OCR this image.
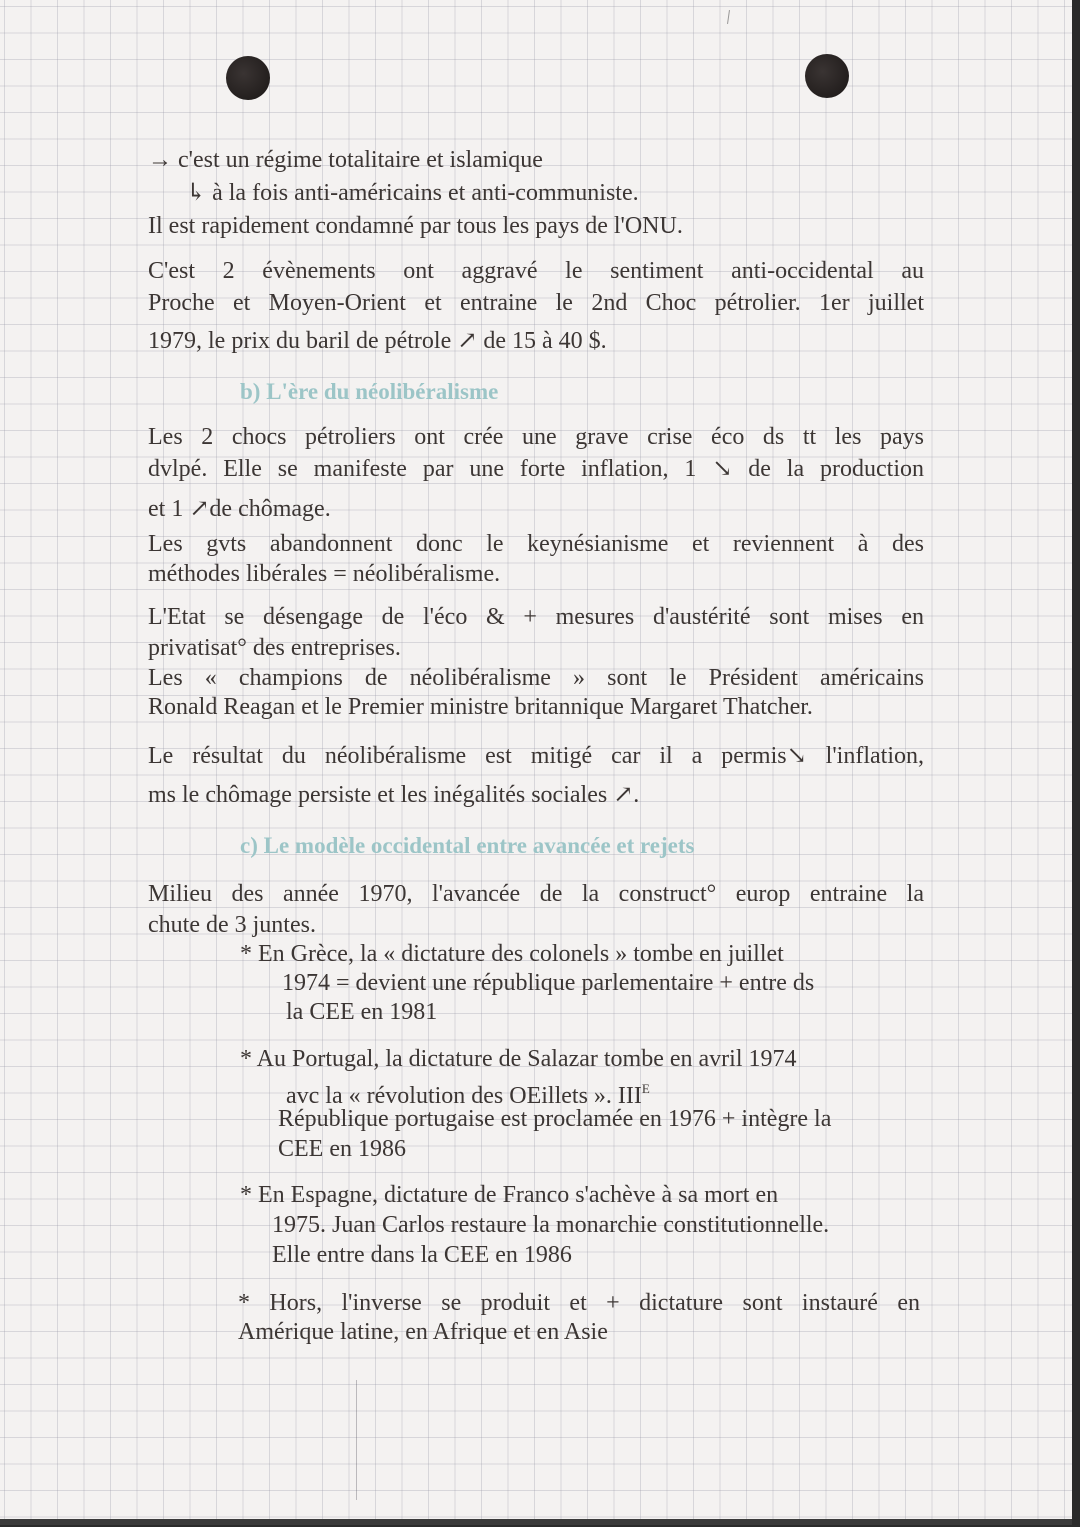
→ c'est un régime totalitaire et islamique
↳ à la fois anti-américains et anti-communiste.
Il est rapidement condamné par tous les pays de l'ONU.
C'est 2 évènements ont aggravé le sentiment anti-occidental au
Proche et Moyen-Orient et entraine le 2nd Choc pétrolier. 1er juillet
1979, le prix du baril de pétrole ↗ de 15 à 40 $.
b) L'ère du néolibéralisme
Les 2 chocs pétroliers ont crée une grave crise éco ds tt les pays
dvlpé. Elle se manifeste par une forte inflation, 1 ↘ de la production
et 1 ↗de chômage.
Les gvts abandonnent donc le keynésianisme et reviennent à des
méthodes libérales = néolibéralisme.
L'Etat se désengage de l'éco & + mesures d'austérité sont mises en
privatisat° des entreprises.
Les « champions de néolibéralisme » sont le Président américains
Ronald Reagan et le Premier ministre britannique Margaret Thatcher.
Le résultat du néolibéralisme est mitigé car il a permis↘ l'inflation,
ms le chômage persiste et les inégalités sociales ↗.
c) Le modèle occidental entre avancée et rejets
Milieu des année 1970, l'avancée de la construct° europ entraine la
chute de 3 juntes.
* En Grèce, la « dictature des colonels » tombe en juillet
1974 = devient une république parlementaire + entre ds
la CEE en 1981
* Au Portugal, la dictature de Salazar tombe en avril 1974
avc la « révolution des OEillets ». $III^E$
République portugaise est proclamée en 1976 + intègre la
CEE en 1986
* En Espagne, dictature de Franco s'achève à sa mort en
1975. Juan Carlos restaure la monarchie constitutionnelle.
Elle entre dans la CEE en 1986
* Hors, l'inverse se produit et + dictature sont instauré en
Amérique latine, en Afrique et en Asie
